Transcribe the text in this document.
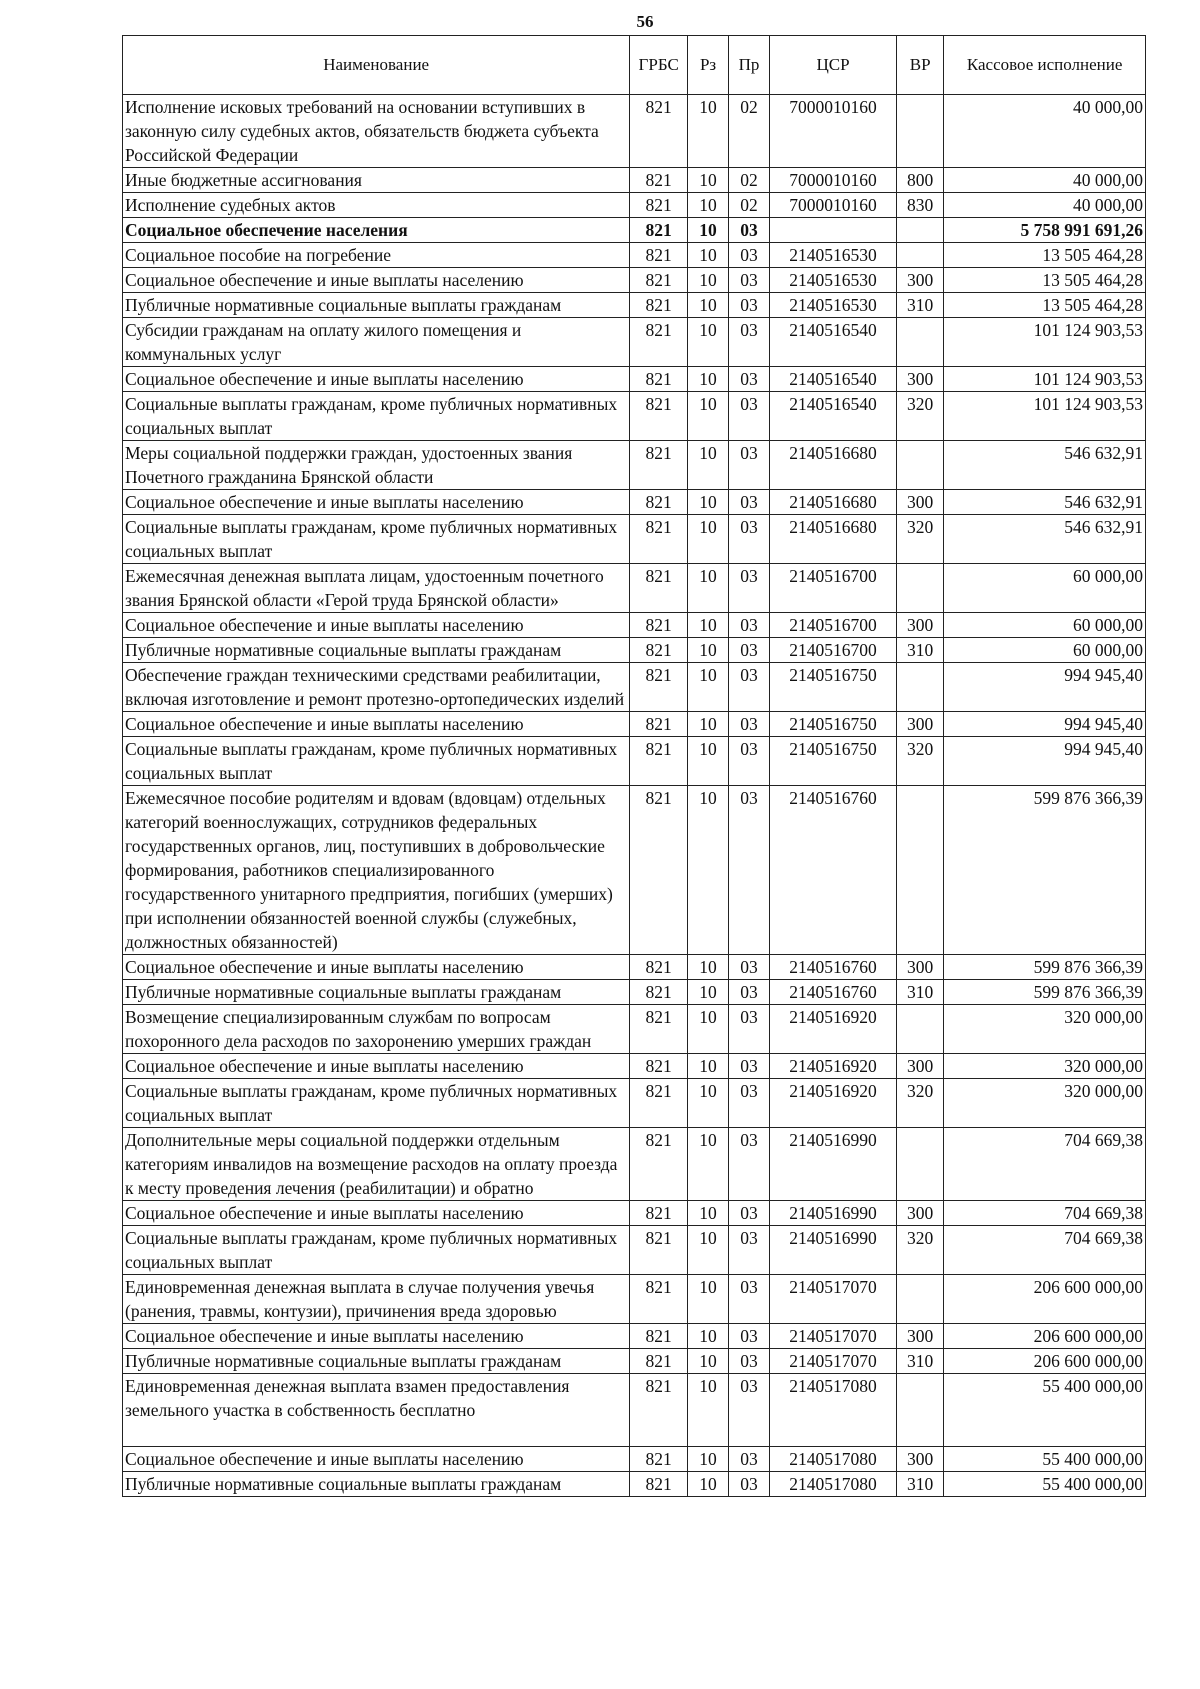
56
Наименование	ГРБС	Рз	Пр	ЦСР	ВР	Кассовое исполнение
Исполнение исковых требований на основании вступивших в законную силу судебных актов, обязательств бюджета субъекта Российской Федерации	821	10	02	7000010160		40 000,00
Иные бюджетные ассигнования	821	10	02	7000010160	800	40 000,00
Исполнение судебных актов	821	10	02	7000010160	830	40 000,00
Социальное обеспечение населения	821	10	03			5 758 991 691,26
Социальное пособие на погребение	821	10	03	2140516530		13 505 464,28
Социальное обеспечение и иные выплаты населению	821	10	03	2140516530	300	13 505 464,28
Публичные нормативные социальные выплаты гражданам	821	10	03	2140516530	310	13 505 464,28
Субсидии гражданам на оплату жилого помещения и коммунальных услуг	821	10	03	2140516540		101 124 903,53
Социальное обеспечение и иные выплаты населению	821	10	03	2140516540	300	101 124 903,53
Социальные выплаты гражданам, кроме публичных нормативных социальных выплат	821	10	03	2140516540	320	101 124 903,53
Меры социальной поддержки граждан, удостоенных звания Почетного гражданина Брянской области	821	10	03	2140516680		546 632,91
Социальное обеспечение и иные выплаты населению	821	10	03	2140516680	300	546 632,91
Социальные выплаты гражданам, кроме публичных нормативных социальных выплат	821	10	03	2140516680	320	546 632,91
Ежемесячная денежная выплата лицам, удостоенным почетного звания Брянской области «Герой труда Брянской области»	821	10	03	2140516700		60 000,00
Социальное обеспечение и иные выплаты населению	821	10	03	2140516700	300	60 000,00
Публичные нормативные социальные выплаты гражданам	821	10	03	2140516700	310	60 000,00
Обеспечение граждан техническими средствами реабилитации, включая изготовление и ремонт протезно-ортопедических изделий	821	10	03	2140516750		994 945,40
Социальное обеспечение и иные выплаты населению	821	10	03	2140516750	300	994 945,40
Социальные выплаты гражданам, кроме публичных нормативных социальных выплат	821	10	03	2140516750	320	994 945,40
Ежемесячное пособие родителям и вдовам (вдовцам) отдельных категорий военнослужащих, сотрудников федеральных государственных органов, лиц, поступивших в добровольческие формирования, работников специализированного государственного унитарного предприятия, погибших (умерших) при исполнении обязанностей военной службы (служебных, должностных обязанностей)	821	10	03	2140516760		599 876 366,39
Социальное обеспечение и иные выплаты населению	821	10	03	2140516760	300	599 876 366,39
Публичные нормативные социальные выплаты гражданам	821	10	03	2140516760	310	599 876 366,39
Возмещение специализированным службам по вопросам похоронного дела расходов по захоронению умерших граждан	821	10	03	2140516920		320 000,00
Социальное обеспечение и иные выплаты населению	821	10	03	2140516920	300	320 000,00
Социальные выплаты гражданам, кроме публичных нормативных социальных выплат	821	10	03	2140516920	320	320 000,00
Дополнительные меры социальной поддержки отдельным категориям инвалидов на возмещение расходов на оплату проезда к месту проведения лечения (реабилитации) и обратно	821	10	03	2140516990		704 669,38
Социальное обеспечение и иные выплаты населению	821	10	03	2140516990	300	704 669,38
Социальные выплаты гражданам, кроме публичных нормативных социальных выплат	821	10	03	2140516990	320	704 669,38
Единовременная денежная выплата в случае получения увечья (ранения, травмы, контузии), причинения вреда здоровью	821	10	03	2140517070		206 600 000,00
Социальное обеспечение и иные выплаты населению	821	10	03	2140517070	300	206 600 000,00
Публичные нормативные социальные выплаты гражданам	821	10	03	2140517070	310	206 600 000,00
Единовременная денежная выплата взамен предоставления земельного участка в собственность бесплатно	821	10	03	2140517080		55 400 000,00
Социальное обеспечение и иные выплаты населению	821	10	03	2140517080	300	55 400 000,00
Публичные нормативные социальные выплаты гражданам	821	10	03	2140517080	310	55 400 000,00
